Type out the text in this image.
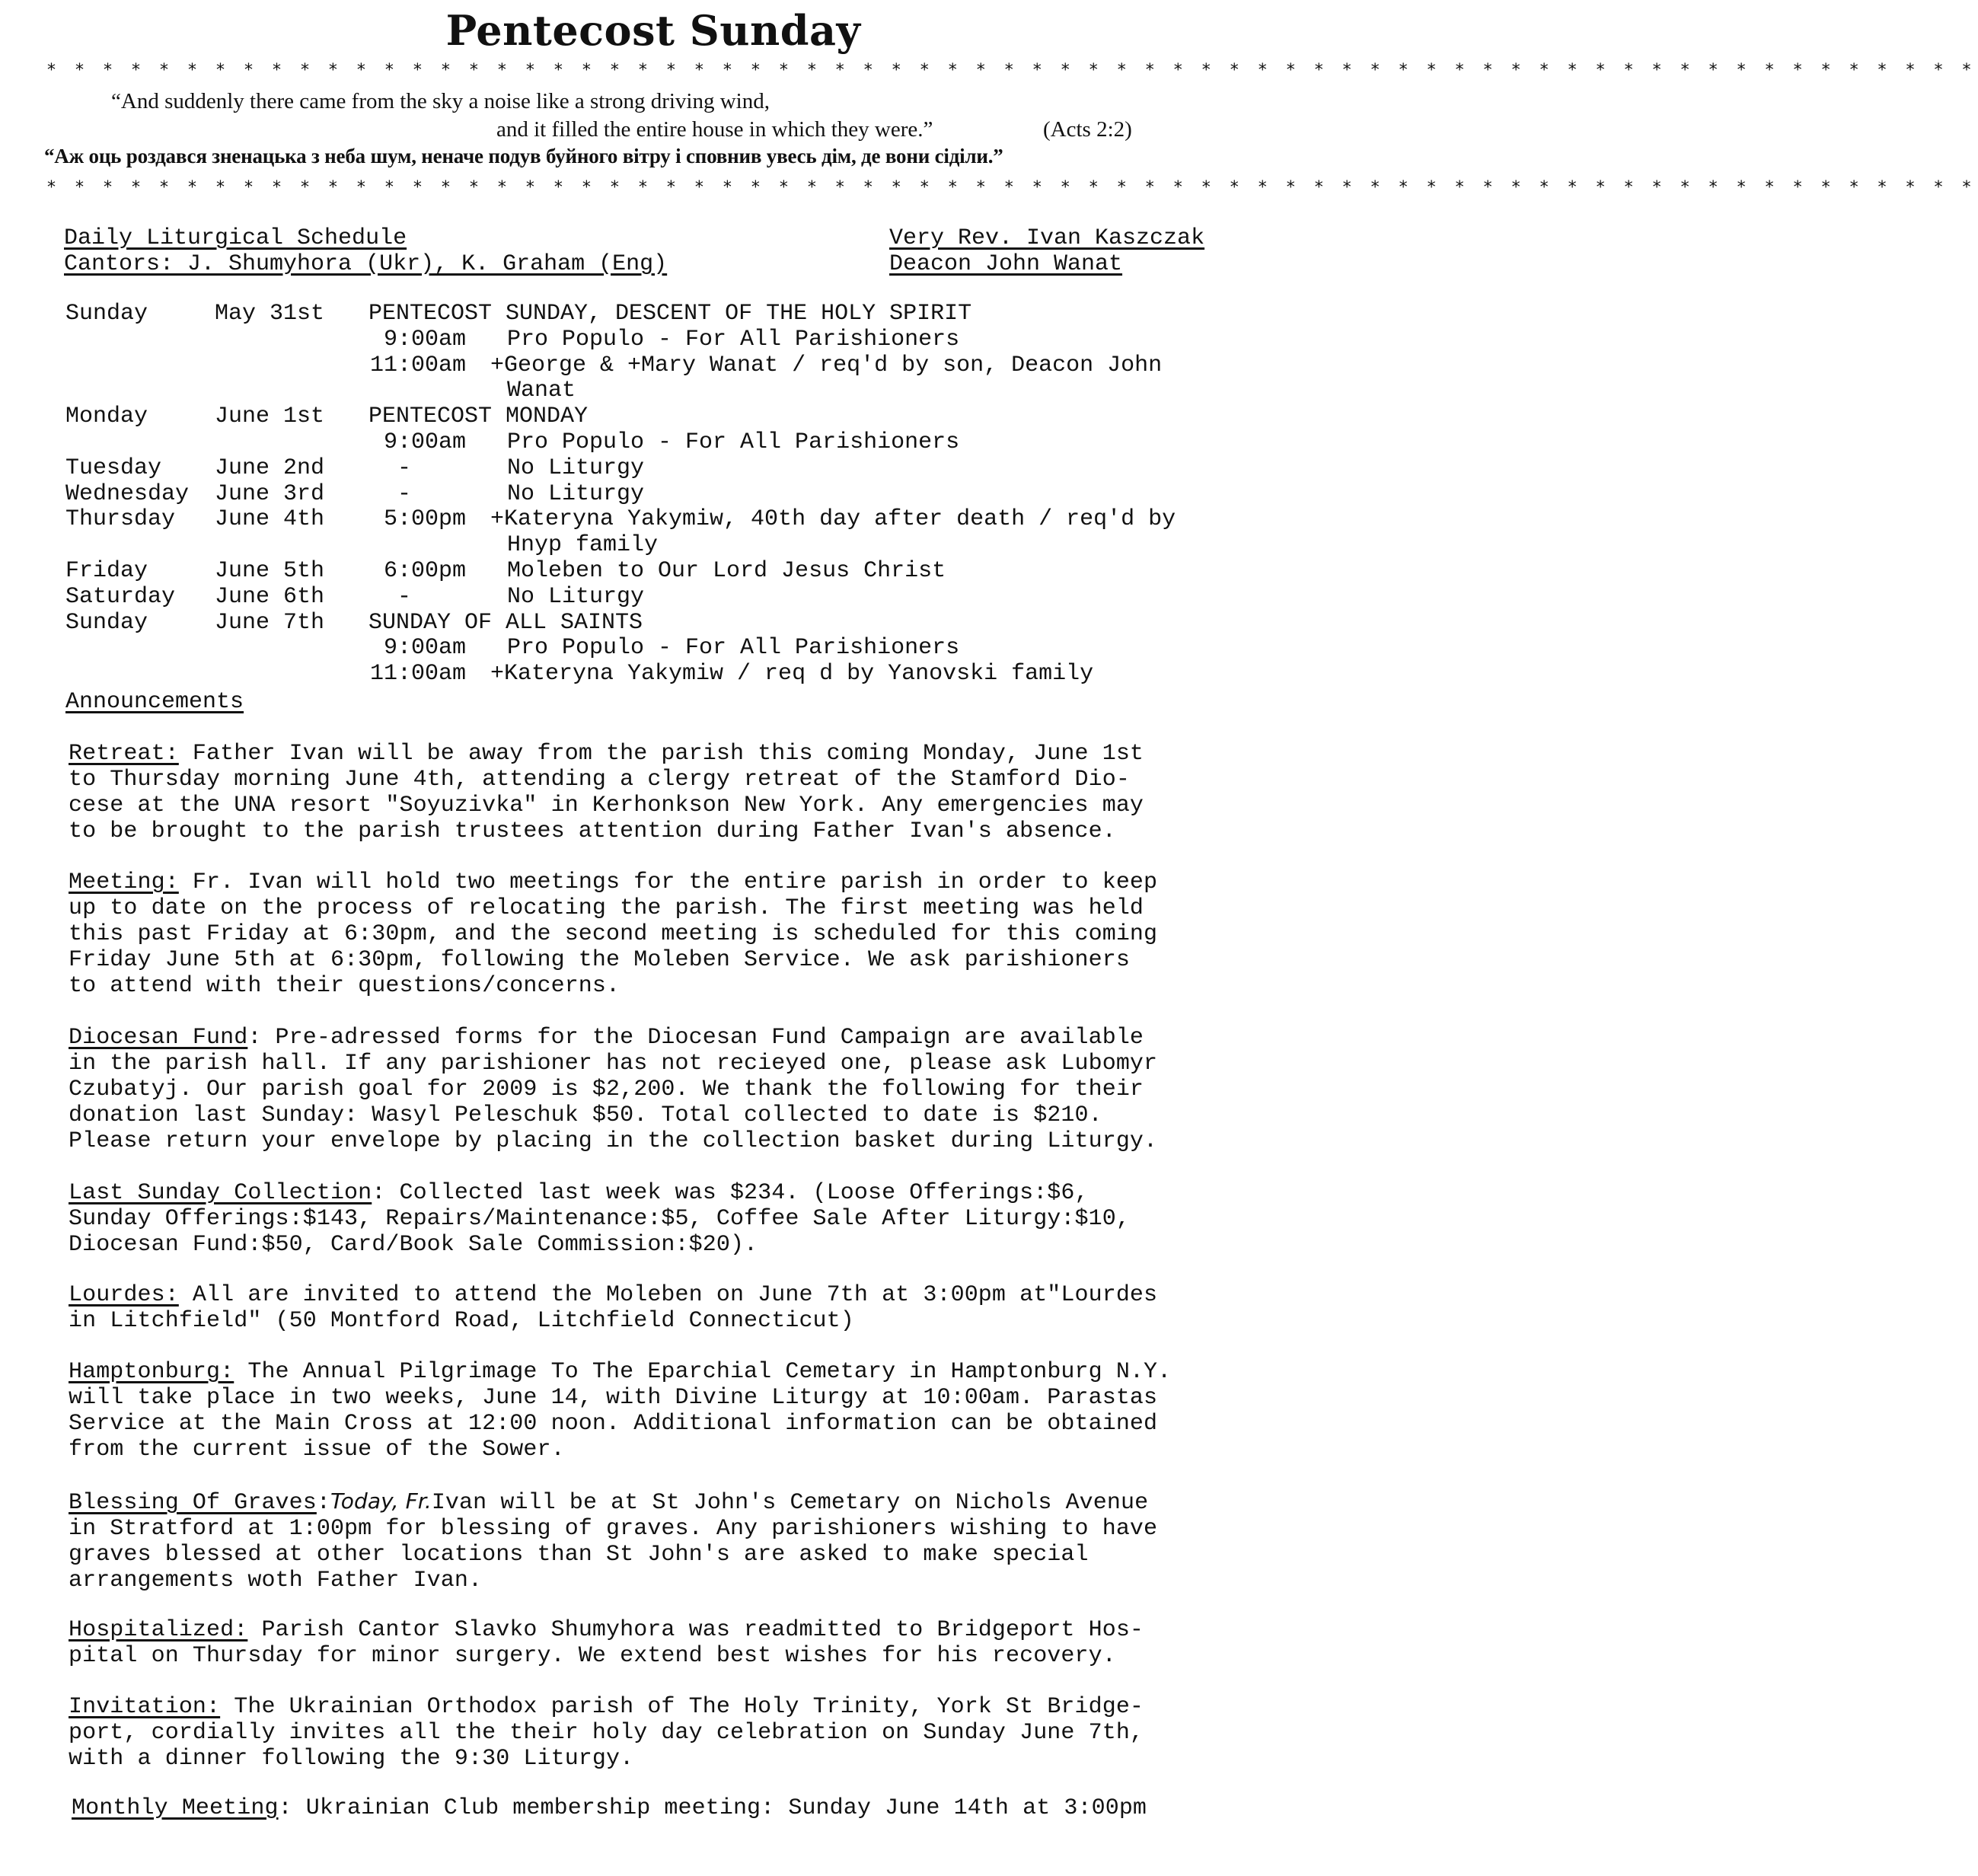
Pentecost Sunday
* * * * * * * * * * * * * * * * * * * * * * * * * * * * * * * * * * * * * * * * * * * * * * * * * * * * * * * * * * * * * * * * * * * * *
“And suddenly there came from the sky a noise like a strong driving wind,
and it filled the entire house in which they were.”	(Acts 2:2)
“Аж оць роздався зненацька з неба шум, неначе подув буйного вітру і сповнив увесь дім, де вони сіділи.”
* * * * * * * * * * * * * * * * * * * * * * * * * * * * * * * * * * * * * * * * * * * * * * * * * * * * * * * * * * * * * * * * * * * * *
Daily Liturgical Schedule
Cantors: J. Shumyhora (Ukr), K. Graham (Eng)
Very Rev. Ivan Kaszczak
Deacon John Wanat
Sunday	May 31st PENTECOST SUNDAY, DESCENT OF THE HOLY SPIRIT
9:00am Pro Populo - For All Parishioners
11:00am +George & +Mary Wanat / req'd by son, Deacon John
Wanat
Monday	June 1st PENTECOST MONDAY
9:00am Pro Populo - For All Parishioners
Tuesday June 2nd	-	No Liturgy
Wednesday June 3rd	-	No Liturgy
Thursday June 4th	5:00pm +Kateryna Yakymiw, 40th day after death / req'd by
Hnyp family
Friday	June 5th	6:00pm Moleben to Our Lord Jesus Christ
Saturday June 6th	-	No Liturgy
Sunday	June 7th SUNDAY OF ALL SAINTS
9:00am Pro Populo - For All Parishioners
11:00am +Kateryna Yakymiw / req d by Yanovski family
Announcements
Retreat: Father Ivan will be away from the parish this coming Monday, June 1st
to Thursday morning June 4th, attending a clergy retreat of the Stamford Dio-
cese at the UNA resort "Soyuzivka" in Kerhonkson New York. Any emergencies may
to be brought to the parish trustees attention during Father Ivan's absence.
Meeting: Fr. Ivan will hold two meetings for the entire parish in order to keep
up to date on the process of relocating the parish. The first meeting was held
this past Friday at 6:30pm, and the second meeting is scheduled for this coming
Friday June 5th at 6:30pm, following the Moleben Service. We ask parishioners
to attend with their questions/concerns.
Diocesan Fund: Pre-adressed forms for the Diocesan Fund Campaign are available
in the parish hall. If any parishioner has not recieyed one, please ask Lubomyr
Czubatyj. Our parish goal for 2009 is $2,200. We thank the following for their
donation last Sunday: Wasyl Peleschuk $50. Total collected to date is $210.
Please return your envelope by placing in the collection basket during Liturgy.
Last Sunday Collection: Collected last week was $234. (Loose Offerings:$6,
Sunday Offerings:$143, Repairs/Maintenance:$5, Coffee Sale After Liturgy:$10,
Diocesan Fund:$50, Card/Book Sale Commission:$20).
Lourdes: All are invited to attend the Moleben on June 7th at 3:00pm at"Lourdes
in Litchfield" (50 Montford Road, Litchfield Connecticut)
Hamptonburg: The Annual Pilgrimage To The Eparchial Cemetary in Hamptonburg N.Y.
will take place in two weeks, June 14, with Divine Liturgy at 10:00am. Parastas
Service at the Main Cross at 12:00 noon. Additional information can be obtained
from the current issue of the Sower.
Blessing Of Graves:Today, Fr.Ivan will be at St John's Cemetary on Nichols Avenue
in Stratford at 1:00pm for blessing of graves. Any parishioners wishing to have
graves blessed at other locations than St John's are asked to make special
arrangements woth Father Ivan.
Hospitalized: Parish Cantor Slavko Shumyhora was readmitted to Bridgeport Hos-
pital on Thursday for minor surgery. We extend best wishes for his recovery.
Invitation: The Ukrainian Orthodox parish of The Holy Trinity, York St Bridge-
port, cordially invites all the their holy day celebration on Sunday June 7th,
with a dinner following the 9:30 Liturgy.
Monthly Meeting: Ukrainian Club membership meeting: Sunday June 14th at 3:00pm
